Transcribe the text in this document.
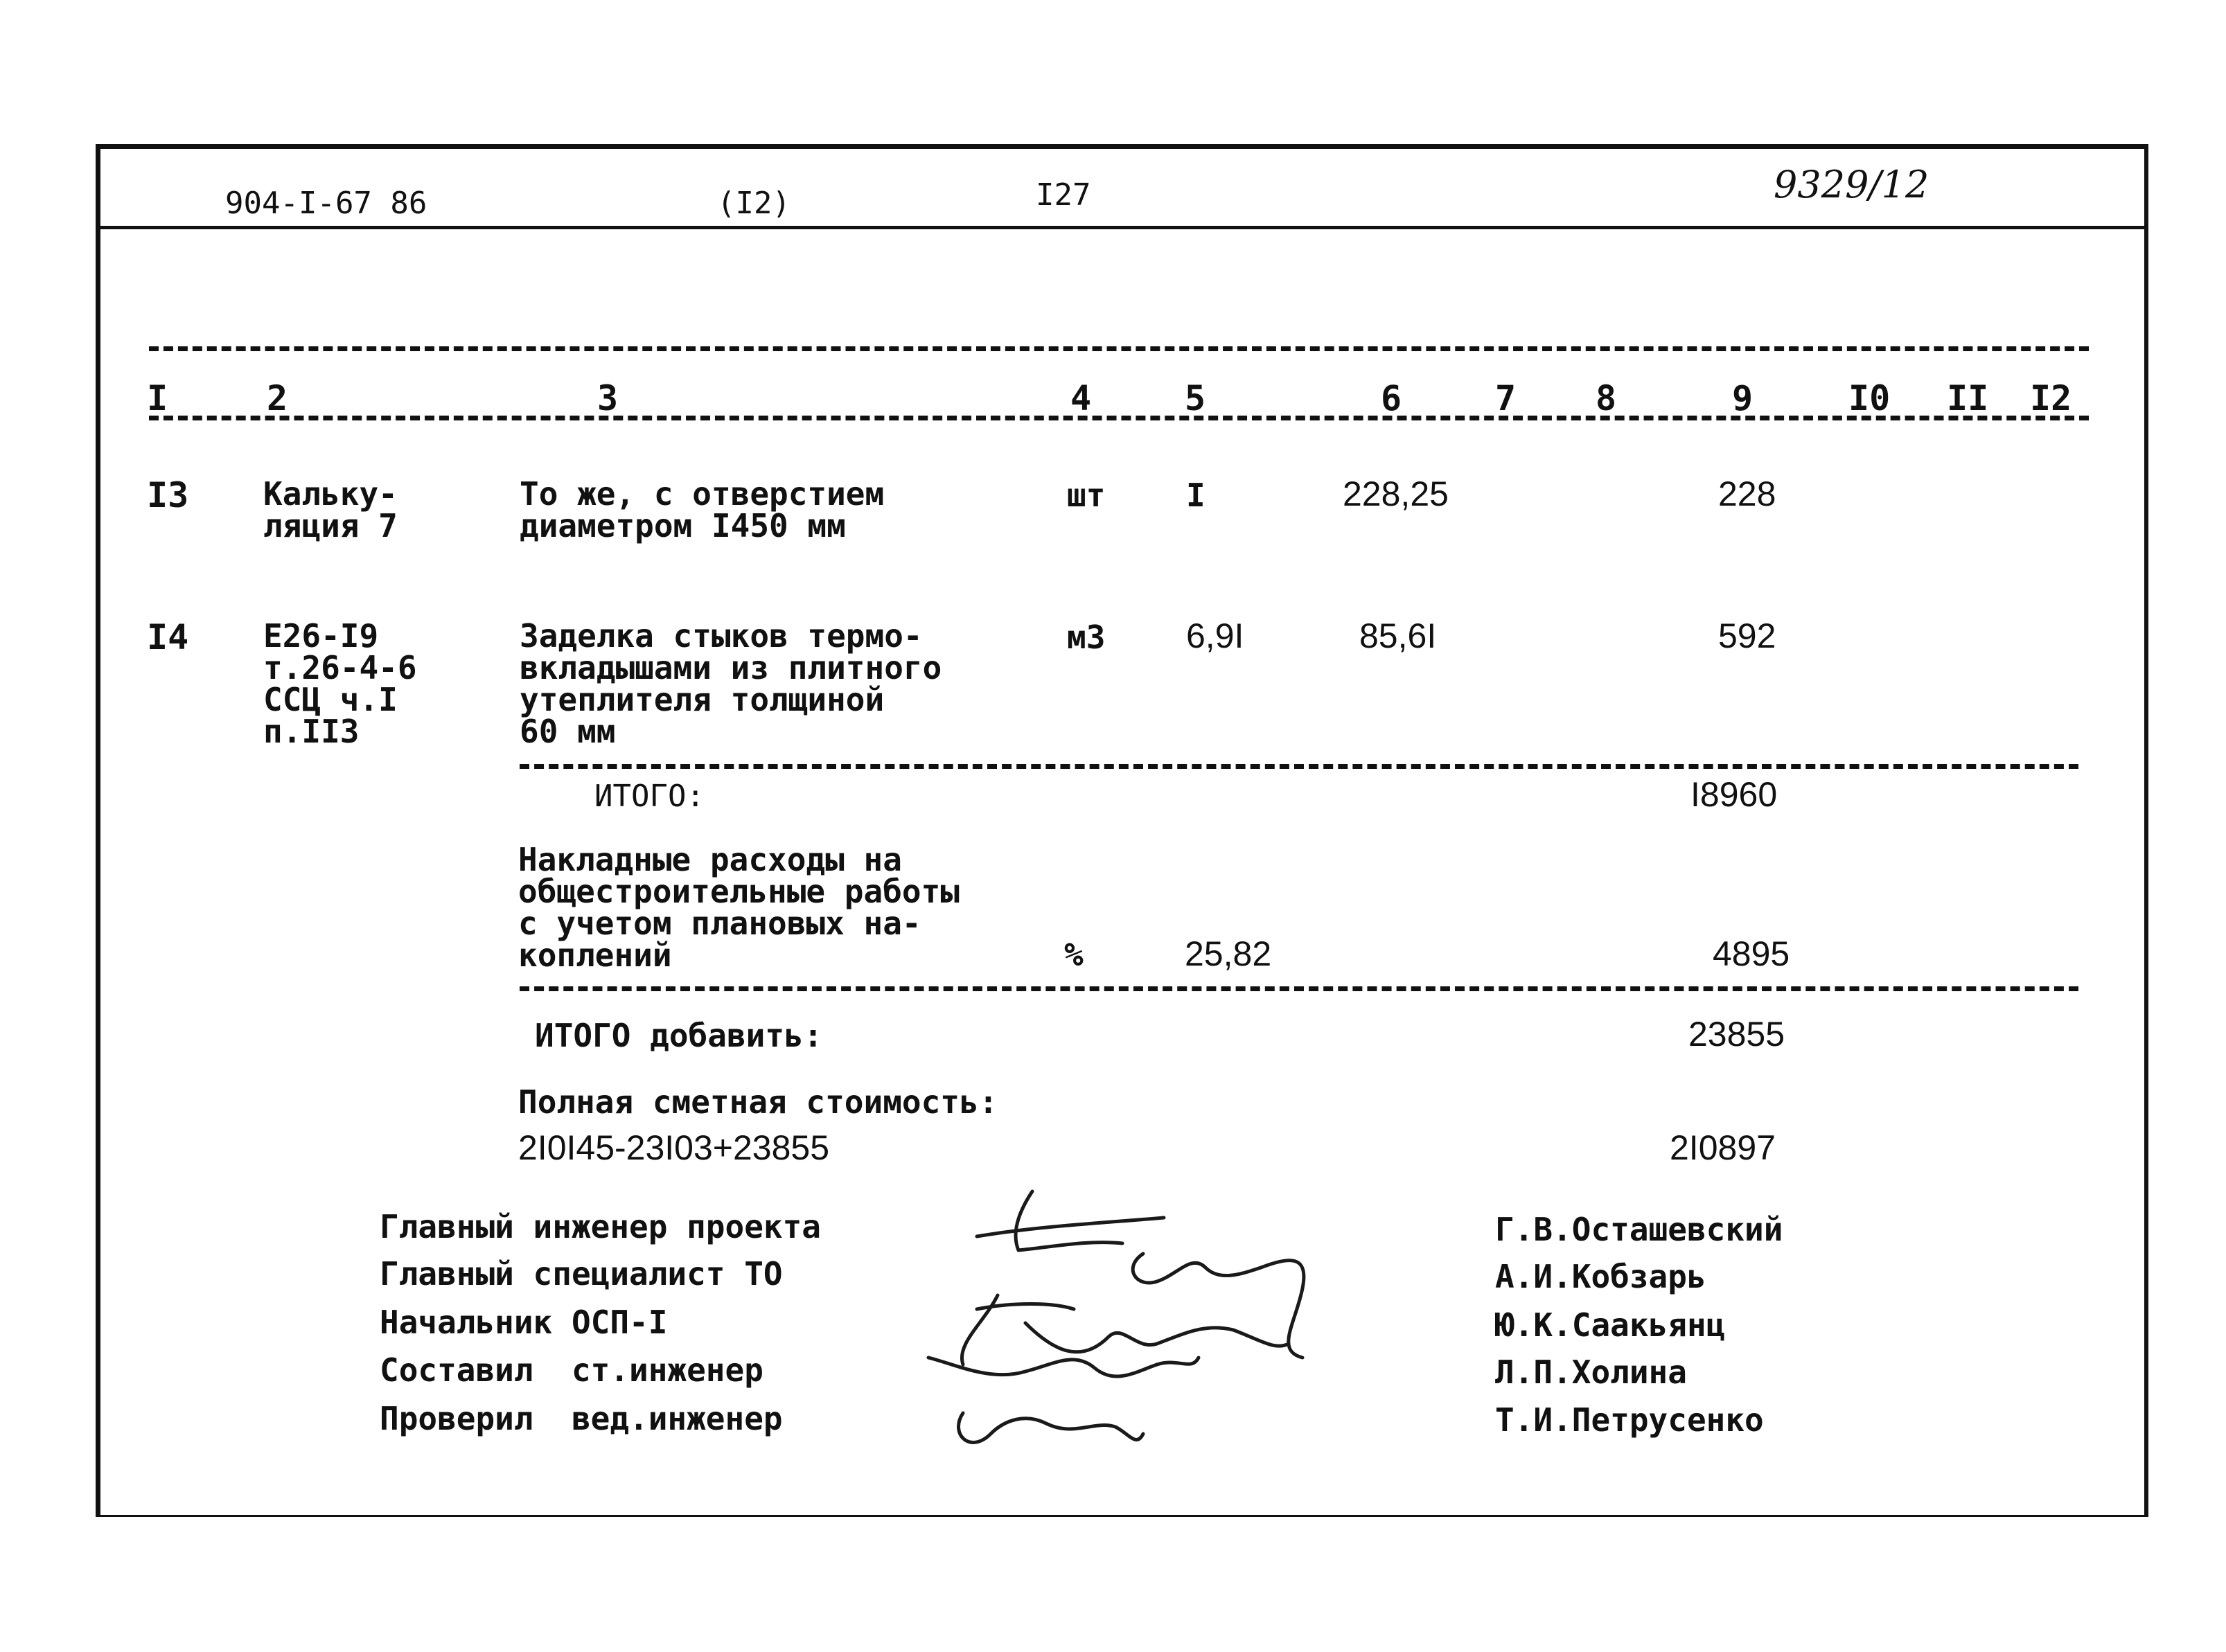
904-I-67 86	(I2)	I27	9329/12
I	2	3	4	5	6	7 8	9	I0 II I2
I3 Кальку-
ляция 7
То же, с отверстием
диаметром I450 мм
шт	I	228,25	228
I4 Е26-I9
т.26-4-6
ССЦ ч.I
п.II3
Заделка стыков термо-
вкладышами из плитного
утеплителя толщиной
60 мм
м3 6,9I	85,6I	592
ИТОГО:	I8960
Накладные расходы на
общестроительные работы
с учетом плановых на-
коплений	%	25,82	4895
ИТОГО добавить:	23855
Полная сметная стоимость:
2I0I45-23I03+23855	2I0897
Главный инженер проекта
Главный специалист ТО
Начальник ОСП-I
Составил  ст.инженер
Проверил  вед.инженер
Г.В.Осташевский
А.И.Кобзарь
Ю.К.Саакьянц
Л.П.Холина
Т.И.Петрусенко
